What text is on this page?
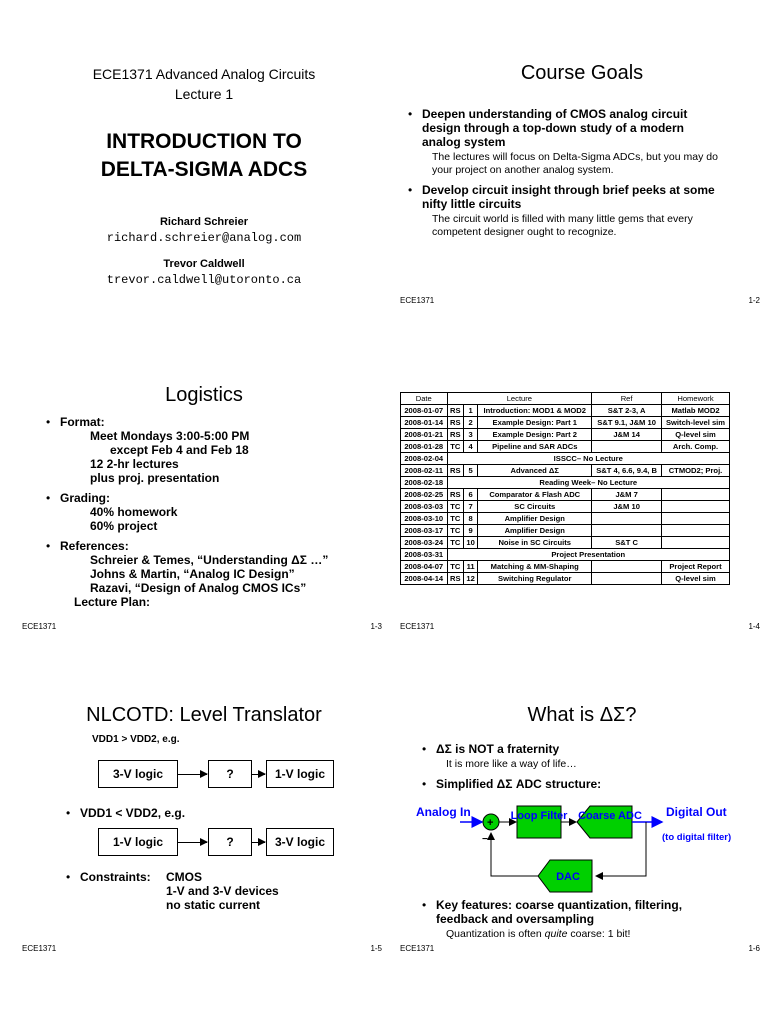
ECE1371 Advanced Analog Circuits
Lecture 1
INTRODUCTION TO
DELTA-SIGMA ADCS
Richard Schreier
richard.schreier@analog.com
Trevor Caldwell
trevor.caldwell@utoronto.ca
Course Goals
• Deepen understanding of CMOS analog circuit design through a top-down study of a modern analog system
The lectures will focus on Delta-Sigma ADCs, but you may do your project on another analog system.
• Develop circuit insight through brief peeks at some nifty little circuits
The circuit world is filled with many little gems that every competent designer ought to recognize.
ECE1371	1-2
Logistics
• Format:
Meet Mondays 3:00-5:00 PM
except Feb 4 and Feb 18
12 2-hr lectures
plus proj. presentation
• Grading:
40% homework
60% project
• References:
Schreier & Temes, “Understanding ΔΣ …”
Johns & Martin, “Analog IC Design”
Razavi, “Design of Analog CMOS ICs”
Lecture Plan:
ECE1371	1-3
Date	Lecture			Ref	Homework
2008-01-07	RS	1	Introduction: MOD1 & MOD2	S&T 2-3, A	Matlab MOD2
2008-01-14	RS	2	Example Design: Part 1	S&T 9.1, J&M 10	Switch-level sim
2008-01-21	RS	3	Example Design: Part 2	J&M 14	Q-level sim
2008-01-28	TC	4	Pipeline and SAR ADCs		Arch. Comp.
2008-02-04	ISSCC– No Lecture				
2008-02-11	RS	5	Advanced ΔΣ	S&T 4, 6.6, 9.4, B	CTMOD2; Proj.
2008-02-18	Reading Week– No Lecture				
2008-02-25	RS	6	Comparator & Flash ADC	J&M 7	
2008-03-03	TC	7	SC Circuits	J&M 10	
2008-03-10	TC	8	Amplifier Design		
2008-03-17	TC	9	Amplifier Design		
2008-03-24	TC	10	Noise in SC Circuits	S&T C	
2008-03-31	Project Presentation				
2008-04-07	TC	11	Matching & MM-Shaping		Project Report
2008-04-14	RS	12	Switching Regulator		Q-level sim
ECE1371	1-4
NLCOTD: Level Translator
VDD1 > VDD2, e.g.
3-V logic	?	1-V logic
• VDD1 < VDD2, e.g.
1-V logic	?	3-V logic
• Constraints: CMOS
1-V and 3-V devices
no static current
ECE1371	1-5
What is ΔΣ?
• ΔΣ is NOT a fraternity
It is more like a way of life…
• Simplified ΔΣ ADC structure:
Analog In
+
Loop Filter Coarse ADC Digital Out
(to digital filter)
DAC
−
• Key features: coarse quantization, filtering, feedback and oversampling
Quantization is often quite coarse: 1 bit!
ECE1371	1-6
